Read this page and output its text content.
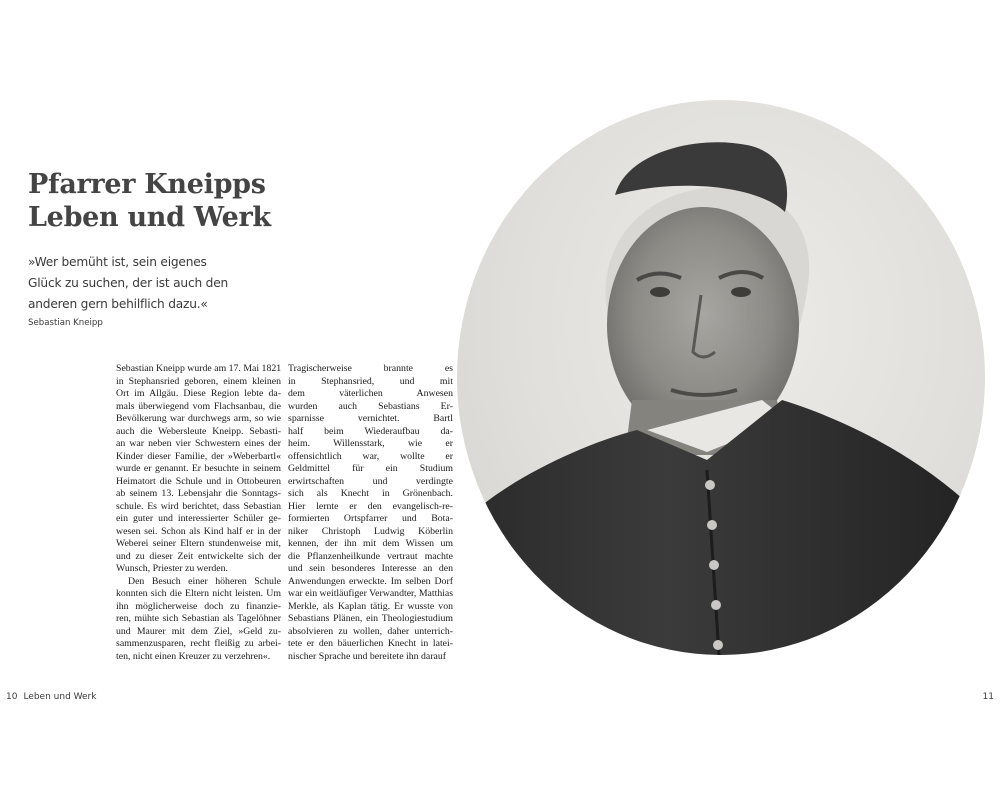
Pfarrer Kneipps
Leben und Werk
»Wer bemüht ist, sein eigenes
Glück zu suchen, der ist auch den
anderen gern behilflich dazu.«
Sebastian Kneipp
Sebastian Kneipp wurde am 17. Mai 1821
in Stephansried geboren, einem kleinen
Ort im Allgäu. Diese Region lebte da-
mals überwiegend vom Flachsanbau, die
Bevölkerung war durchwegs arm, so wie
auch die Webersleute Kneipp. Sebasti-
an war neben vier Schwestern eines der
Kinder dieser Familie, der »Weberbartl«
wurde er genannt. Er besuchte in seinem
Heimatort die Schule und in Ottobeuren
ab seinem 13. Lebensjahr die Sonntags-
schule. Es wird berichtet, dass Sebastian
ein guter und interessierter Schüler ge-
wesen sei. Schon als Kind half er in der
Weberei seiner Eltern stundenweise mit,
und zu dieser Zeit entwickelte sich der
Wunsch, Priester zu werden.
Den Besuch einer höheren Schule
konnten sich die Eltern nicht leisten. Um
ihn möglicherweise doch zu finanzie-
ren, mühte sich Sebastian als Tagelöhner
und Maurer mit dem Ziel, »Geld zu-
sammenzusparen, recht fleißig zu arbei-
ten, nicht einen Kreuzer zu verzehren«.
Tragischerweise brannte es
in Stephansried, und mit
dem väterlichen Anwesen
wurden auch Sebastians Er-
sparnisse vernichtet. Bartl
half beim Wiederaufbau da-
heim. Willensstark, wie er
offensichtlich war, wollte er
Geldmittel für ein Studium
erwirtschaften und verdingte
sich als Knecht in Grönenbach.
Hier lernte er den evangelisch-re-
formierten Ortspfarrer und Bota-
niker Christoph Ludwig Köberlin
kennen, der ihn mit dem Wissen um
die Pflanzenheilkunde vertraut machte
und sein besonderes Interesse an den
Anwendungen erweckte. Im selben Dorf
war ein weitläufiger Verwandter, Matthias
Merkle, als Kaplan tätig. Er wusste von
Sebastians Plänen, ein Theologiestudium
absolvieren zu wollen, daher unterrich-
tete er den bäuerlichen Knecht in latei-
nischer Sprache und bereitete ihn darauf
10 Leben und Werk	11
